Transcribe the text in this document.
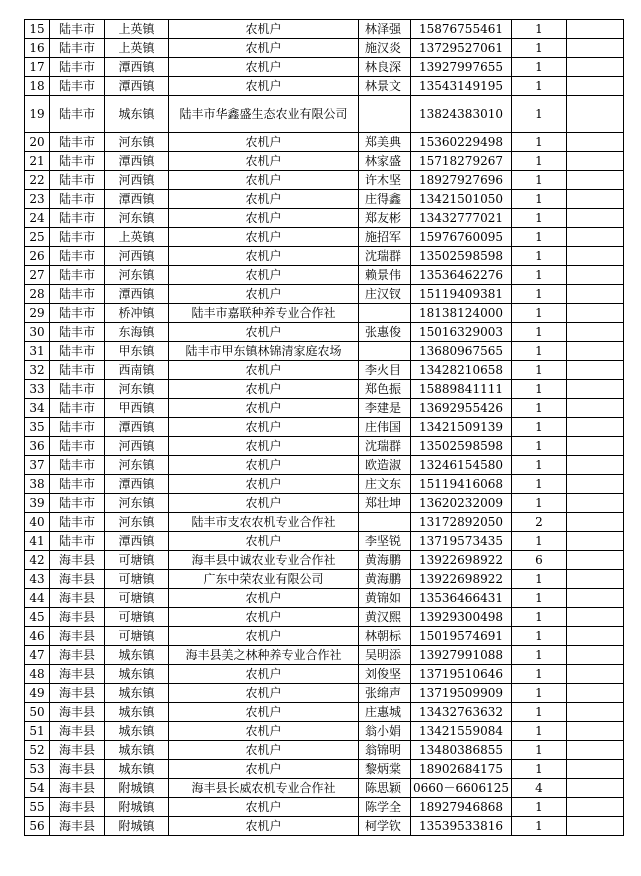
15	陆丰市	上英镇	农机户	林泽强	15876755461	1	
16	陆丰市	上英镇	农机户	施汉炎	13729527061	1	
17	陆丰市	潭西镇	农机户	林良深	13927997655	1	
18	陆丰市	潭西镇	农机户	林景文	13543149195	1	
19	陆丰市	城东镇	陆丰市华鑫盛生态农业有限公司		13824383010	1	
20	陆丰市	河东镇	农机户	郑美典	15360229498	1	
21	陆丰市	潭西镇	农机户	林家盛	15718279267	1	
22	陆丰市	河西镇	农机户	许木坚	18927927696	1	
23	陆丰市	潭西镇	农机户	庄得鑫	13421501050	1	
24	陆丰市	河东镇	农机户	郑友彬	13432777021	1	
25	陆丰市	上英镇	农机户	施招军	15976760095	1	
26	陆丰市	河西镇	农机户	沈瑞群	13502598598	1	
27	陆丰市	河东镇	农机户	赖景伟	13536462276	1	
28	陆丰市	潭西镇	农机户	庄汉钗	15119409381	1	
29	陆丰市	桥冲镇	陆丰市嘉联种养专业合作社		18138124000	1	
30	陆丰市	东海镇	农机户	张惠俊	15016329003	1	
31	陆丰市	甲东镇	陆丰市甲东镇林锦清家庭农场		13680967565	1	
32	陆丰市	西南镇	农机户	李火目	13428210658	1	
33	陆丰市	河东镇	农机户	郑色振	15889841111	1	
34	陆丰市	甲西镇	农机户	李建是	13692955426	1	
35	陆丰市	潭西镇	农机户	庄伟国	13421509139	1	
36	陆丰市	河西镇	农机户	沈瑞群	13502598598	1	
37	陆丰市	河东镇	农机户	欧造淑	13246154580	1	
38	陆丰市	潭西镇	农机户	庄文东	15119416068	1	
39	陆丰市	河东镇	农机户	郑壮坤	13620232009	1	
40	陆丰市	河东镇	陆丰市支农农机专业合作社		13172892050	2	
41	陆丰市	潭西镇	农机户	李坚锐	13719573435	1	
42	海丰县	可塘镇	海丰县中诚农业专业合作社	黄海鹏	13922698922	6	
43	海丰县	可塘镇	广东中荣农业有限公司	黄海鹏	13922698922	1	
44	海丰县	可塘镇	农机户	黄锦如	13536466431	1	
45	海丰县	可塘镇	农机户	黄汉熙	13929300498	1	
46	海丰县	可塘镇	农机户	林朝标	15019574691	1	
47	海丰县	城东镇	海丰县美之林种养专业合作社	吴明添	13927991088	1	
48	海丰县	城东镇	农机户	刘俊坚	13719510646	1	
49	海丰县	城东镇	农机户	张绵声	13719509909	1	
50	海丰县	城东镇	农机户	庄惠城	13432763632	1	
51	海丰县	城东镇	农机户	翁小娟	13421559084	1	
52	海丰县	城东镇	农机户	翁锦明	13480386855	1	
53	海丰县	城东镇	农机户	黎炳棠	18902684175	1	
54	海丰县	附城镇	海丰县长威农机专业合作社	陈思颖	0660－6606125	4	
55	海丰县	附城镇	农机户	陈学全	18927946868	1	
56	海丰县	附城镇	农机户	柯学钦	13539533816	1	
